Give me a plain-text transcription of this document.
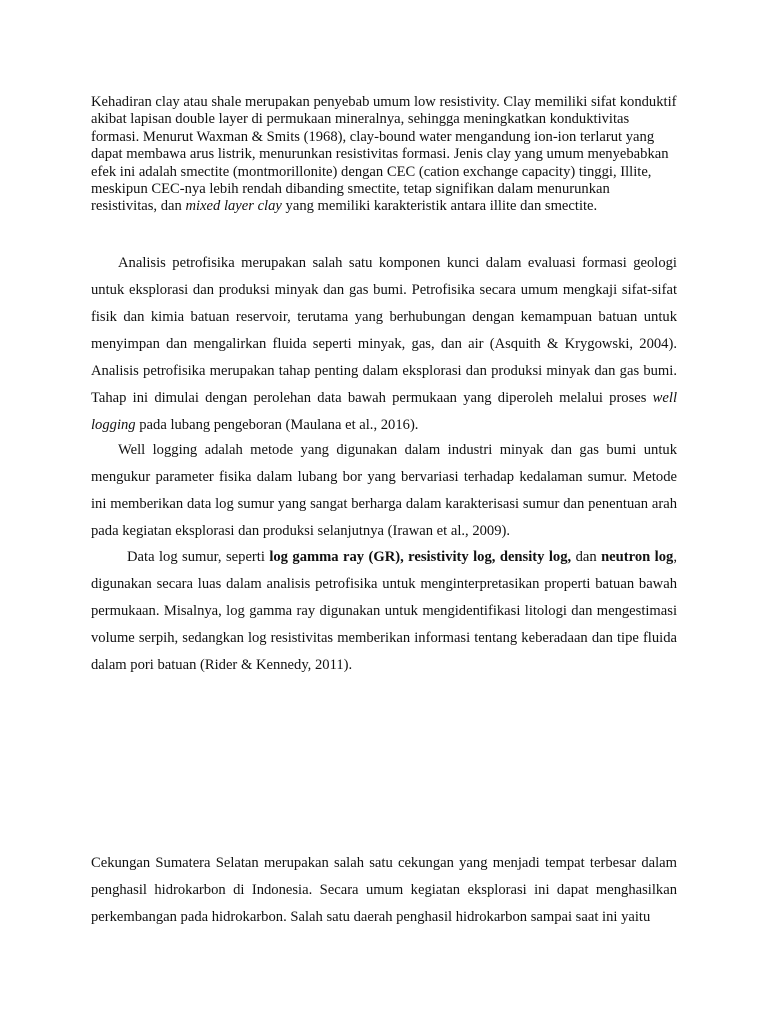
Kehadiran clay atau shale merupakan penyebab umum low resistivity. Clay memiliki sifat konduktif akibat lapisan double layer di permukaan mineralnya, sehingga meningkatkan konduktivitas formasi. Menurut Waxman & Smits (1968), clay-bound water mengandung ion-ion terlarut yang dapat membawa arus listrik, menurunkan resistivitas formasi. Jenis clay yang umum menyebabkan efek ini adalah smectite (montmorillonite) dengan CEC (cation exchange capacity) tinggi, Illite, meskipun CEC-nya lebih rendah dibanding smectite, tetap signifikan dalam menurunkan resistivitas, dan mixed layer clay yang memiliki karakteristik antara illite dan smectite.

Analisis petrofisika merupakan salah satu komponen kunci dalam evaluasi formasi geologi untuk eksplorasi dan produksi minyak dan gas bumi. Petrofisika secara umum mengkaji sifat-sifat fisik dan kimia batuan reservoir, terutama yang berhubungan dengan kemampuan batuan untuk menyimpan dan mengalirkan fluida seperti minyak, gas, dan air (Asquith & Krygowski, 2004). Analisis petrofisika merupakan tahap penting dalam eksplorasi dan produksi minyak dan gas bumi. Tahap ini dimulai dengan perolehan data bawah permukaan yang diperoleh melalui proses well logging pada lubang pengeboran (Maulana et al., 2016).

Well logging adalah metode yang digunakan dalam industri minyak dan gas bumi untuk mengukur parameter fisika dalam lubang bor yang bervariasi terhadap kedalaman sumur. Metode ini memberikan data log sumur yang sangat berharga dalam karakterisasi sumur dan penentuan arah pada kegiatan eksplorasi dan produksi selanjutnya (Irawan et al., 2009).

Data log sumur, seperti log gamma ray (GR), resistivity log, density log, dan neutron log, digunakan secara luas dalam analisis petrofisika untuk menginterpretasikan properti batuan bawah permukaan. Misalnya, log gamma ray digunakan untuk mengidentifikasi litologi dan mengestimasi volume serpih, sedangkan log resistivitas memberikan informasi tentang keberadaan dan tipe fluida dalam pori batuan (Rider & Kennedy, 2011).

Cekungan Sumatera Selatan merupakan salah satu cekungan yang menjadi tempat terbesar dalam penghasil hidrokarbon di Indonesia. Secara umum kegiatan eksplorasi ini dapat menghasilkan perkembangan pada hidrokarbon. Salah satu daerah penghasil hidrokarbon sampai saat ini yaitu
